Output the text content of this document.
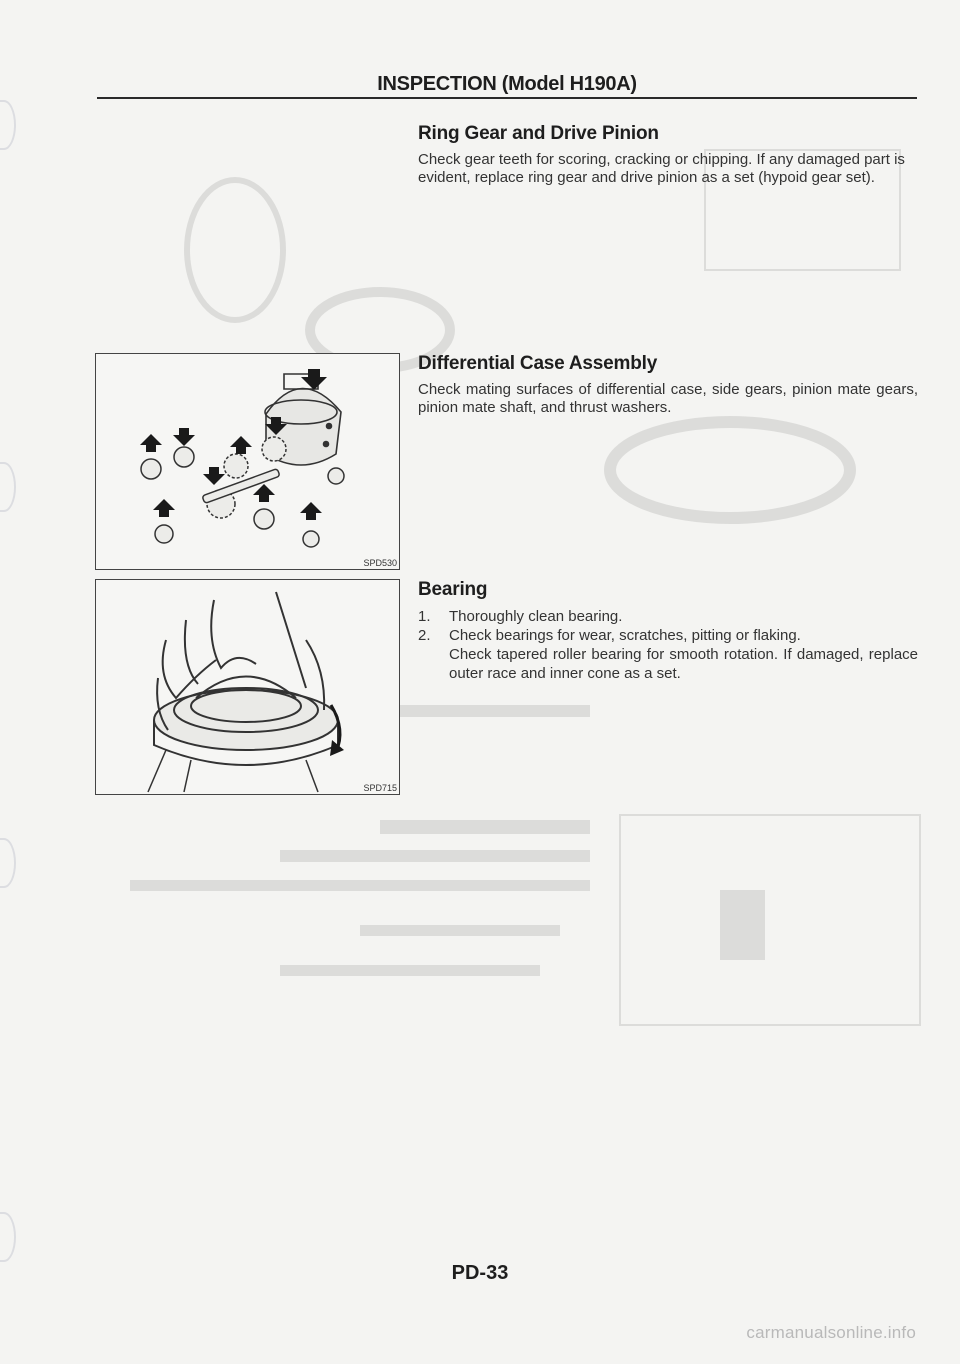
INSPECTION (Model H190A)
Ring Gear and Drive Pinion

Check gear teeth for scoring, cracking or chipping. If any damaged part is evident, replace ring gear and drive pinion as a set (hypoid gear set).

Differential Case Assembly

Check mating surfaces of differential case, side gears, pinion mate gears, pinion mate shaft, and thrust washers.

Bearing
1. Thoroughly clean bearing.
2. Check bearings for wear, scratches, pitting or flaking.
Check tapered roller bearing for smooth rotation. If damaged, replace outer race and inner cone as a set.
SPD530
SPD715
PD-33
carmanualsonline.info
